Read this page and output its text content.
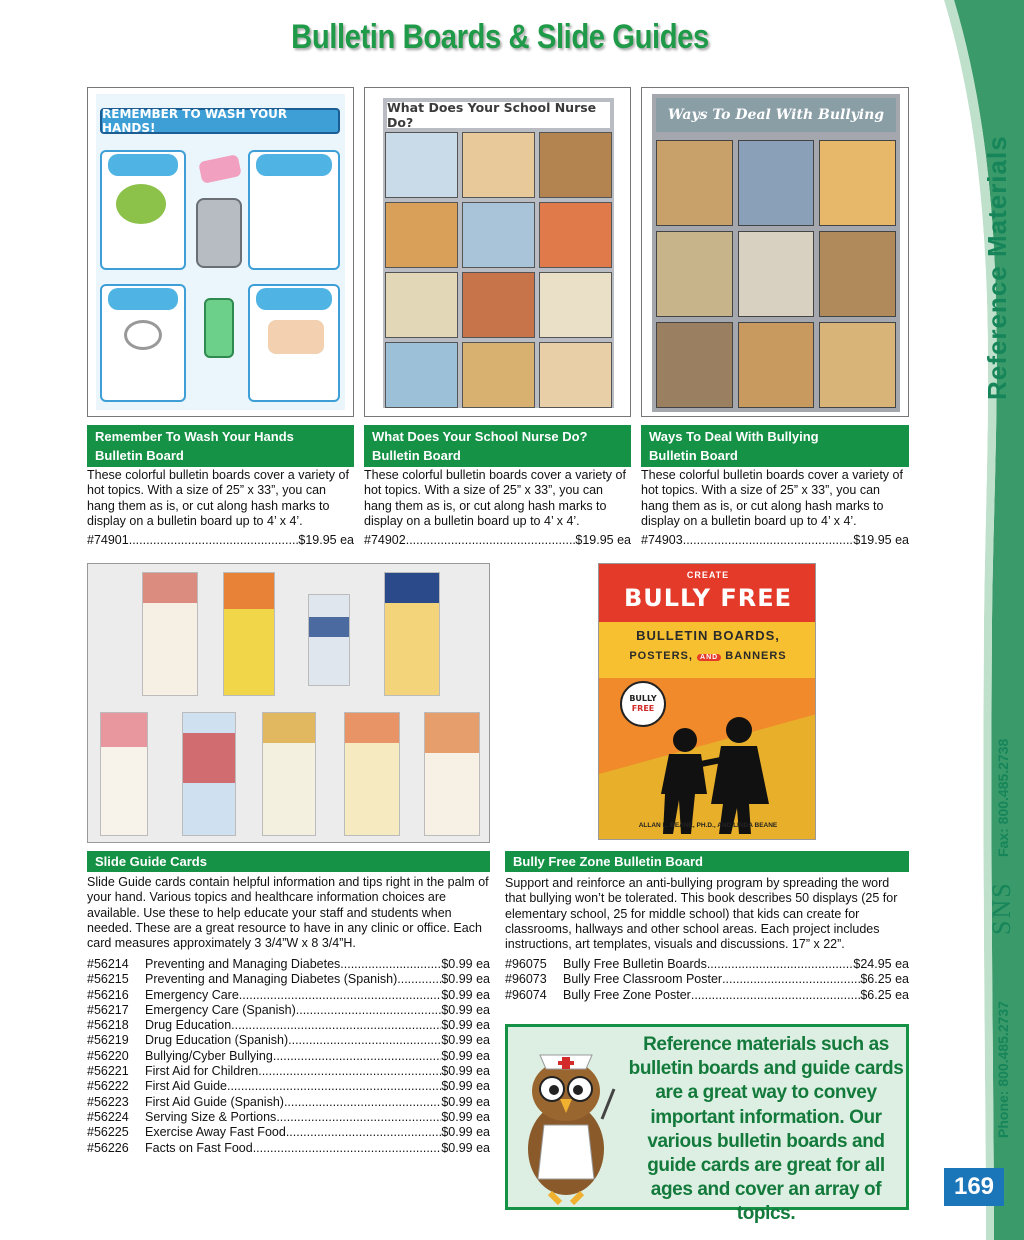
Bulletin Boards & Slide Guides
Reference Materials
Fax: 800.485.2738
SNS
Phone: 800.485.2737
169
REMEMBER TO WASH YOUR HANDS!
What Does Your School Nurse Do?	Ways To Deal With Bullying
Remember To Wash Your Hands
Bulletin Board
These colorful bulletin boards cover a variety of hot topics. With a size of 25” x 33”, you can hang them as is, or cut along hash marks to display on a bulletin board up to 4’ x 4’.
#74901 .....	$19.95 ea
What Does Your School Nurse Do?
Bulletin Board
These colorful bulletin boards cover a variety of hot topics. With a size of 25” x 33”, you can hang them as is, or cut along hash marks to display on a bulletin board up to 4’ x 4’.
#74902 .....	$19.95 ea
Ways To Deal With Bullying
Bulletin Board
These colorful bulletin boards cover a variety of hot topics. With a size of 25” x 33”, you can hang them as is, or cut along hash marks to display on a bulletin board up to 4’ x 4’.
#74903 .....	$19.95 ea
CREATE
BULLY FREE
BULLETIN BOARDS,
POSTERS, AND BANNERS
BULLY
FREE
ALLAN L. BEANE, PH.D., AND LINDA BEANE
Slide Guide Cards
Slide Guide cards contain helpful information and tips right in the palm of your hand. Various topics and healthcare information choices are available. Use these to help educate your staff and students when needed. These are a great resource to have in any clinic or office. Each card measures approximately 3 3/4”W x 8 3/4”H.
#56214	Preventing and Managing Diabetes .....	$0.99 ea
#56215	Preventing and Managing Diabetes (Spanish) .....	$0.99 ea
#56216	Emergency Care .....	$0.99 ea
#56217	Emergency Care (Spanish) .....	$0.99 ea
#56218	Drug Education .....	$0.99 ea
#56219	Drug Education (Spanish) .....	$0.99 ea
#56220	Bullying/Cyber Bullying .....	$0.99 ea
#56221	First Aid for Children .....	$0.99 ea
#56222	First Aid Guide .....	$0.99 ea
#56223	First Aid Guide (Spanish) .....	$0.99 ea
#56224	Serving Size & Portions .....	$0.99 ea
#56225	Exercise Away Fast Food .....	$0.99 ea
#56226	Facts on Fast Food .....	$0.99 ea
Bully Free Zone Bulletin Board
Support and reinforce an anti-bullying program by spreading the word that bullying won’t be tolerated. This book describes 50 displays (25 for elementary school, 25 for middle school) that kids can create for classrooms, hallways and other school areas. Each project includes instructions, art templates, visuals and discussions. 17” x 22”.
#96075	Bully Free Bulletin Boards .....	$24.95 ea
#96073	Bully Free Classroom Poster .....	$6.25 ea
#96074	Bully Free Zone Poster .....	$6.25 ea
Reference materials such as bulletin boards and guide cards are a great way to convey important information. Our various bulletin boards and guide cards are great for all ages and cover an array of topics.
